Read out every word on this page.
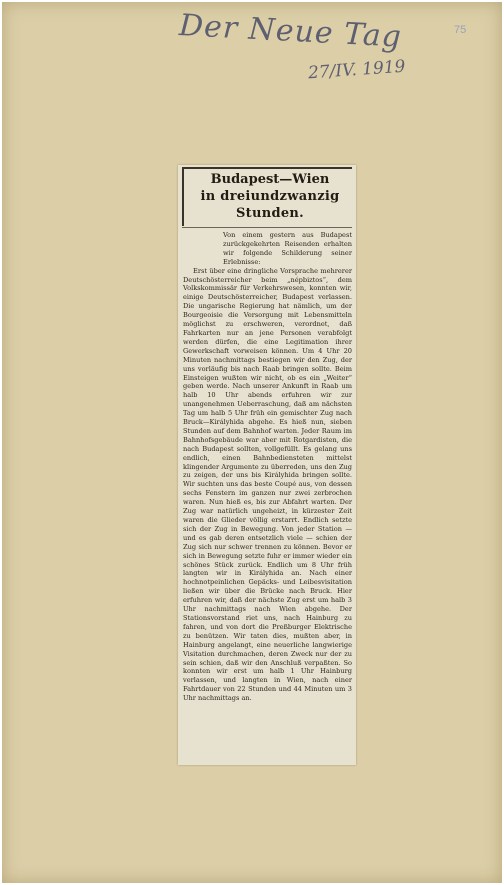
75
Der Neue Tag
27/IV. 1919
Budapest—Wien
in dreiundzwanzig Stunden.

Von einem gestern aus Budapest zurückgekehrten Reisenden erhalten wir folgende Schilderung seiner Erlebnisse:

Erst über eine dringliche Vorsprache mehrerer Deutschösterreicher beim „népbiztos“, dem Volkskommissär für Verkehrswesen, konnten wir, einige Deutschösterreicher, Budapest verlassen. Die ungarische Regierung hat nämlich, um der Bourgeoisie die Versorgung mit Lebensmitteln möglichst zu erschweren, verordnet, daß Fahrkarten nur an jene Personen verabfolgt werden dürfen, die eine Legitimation ihrer Gewerkschaft vorweisen können. Um 4 Uhr 20 Minuten nachmittags bestiegen wir den Zug, der uns vorläufig bis nach Raab bringen sollte. Beim Einsteigen wußten wir nicht, ob es ein „Weiter“ geben werde. Nach unserer Ankunft in Raab um halb 10 Uhr abends erfuhren wir zur unangenehmen Ueberraschung, daß am nächsten Tag um halb 5 Uhr früh ein gemischter Zug nach Bruck—Királyhida abgehe. Es hieß nun, sieben Stunden auf dem Bahnhof warten. Jeder Raum im Bahnhofsgebäude war aber mit Rotgardisten, die nach Budapest sollten, vollgefüllt. Es gelang uns endlich, einen Bahnbediensteten mittelst klingender Argumente zu überreden, uns den Zug zu zeigen, der uns bis Királyhida bringen sollte. Wir suchten uns das beste Coupé aus, von dessen sechs Fenstern im ganzen nur zwei zerbrochen waren. Nun hieß es, bis zur Abfahrt warten. Der Zug war natürlich ungeheizt, in kürzester Zeit waren die Glieder völlig erstarrt. Endlich setzte sich der Zug in Bewegung. Von jeder Station — und es gab deren entsetzlich viele — schien der Zug sich nur schwer trennen zu können. Bevor er sich in Bewegung setzte fuhr er immer wieder ein schönes Stück zurück. Endlich um 8 Uhr früh langten wir in Királyhida an. Nach einer hochnotpeinlichen Gepäcks- und Leibesvisitation ließen wir über die Brücke nach Bruck. Hier erfuhren wir, daß der nächste Zug erst um halb 3 Uhr nachmittags nach Wien abgehe. Der Stationsvorstand riet uns, nach Hainburg zu fahren, und von dort die Preßburger Elektrische zu benützen. Wir taten dies, mußten aber, in Hainburg angelangt, eine neuerliche langwierige Visitation durchmachen, deren Zweck nur der zu sein schien, daß wir den Anschluß verpaßten. So konnten wir erst um halb 1 Uhr Hainburg verlassen, und langten in Wien, nach einer Fahrtdauer von 22 Stunden und 44 Minuten um 3 Uhr nachmittags an.
